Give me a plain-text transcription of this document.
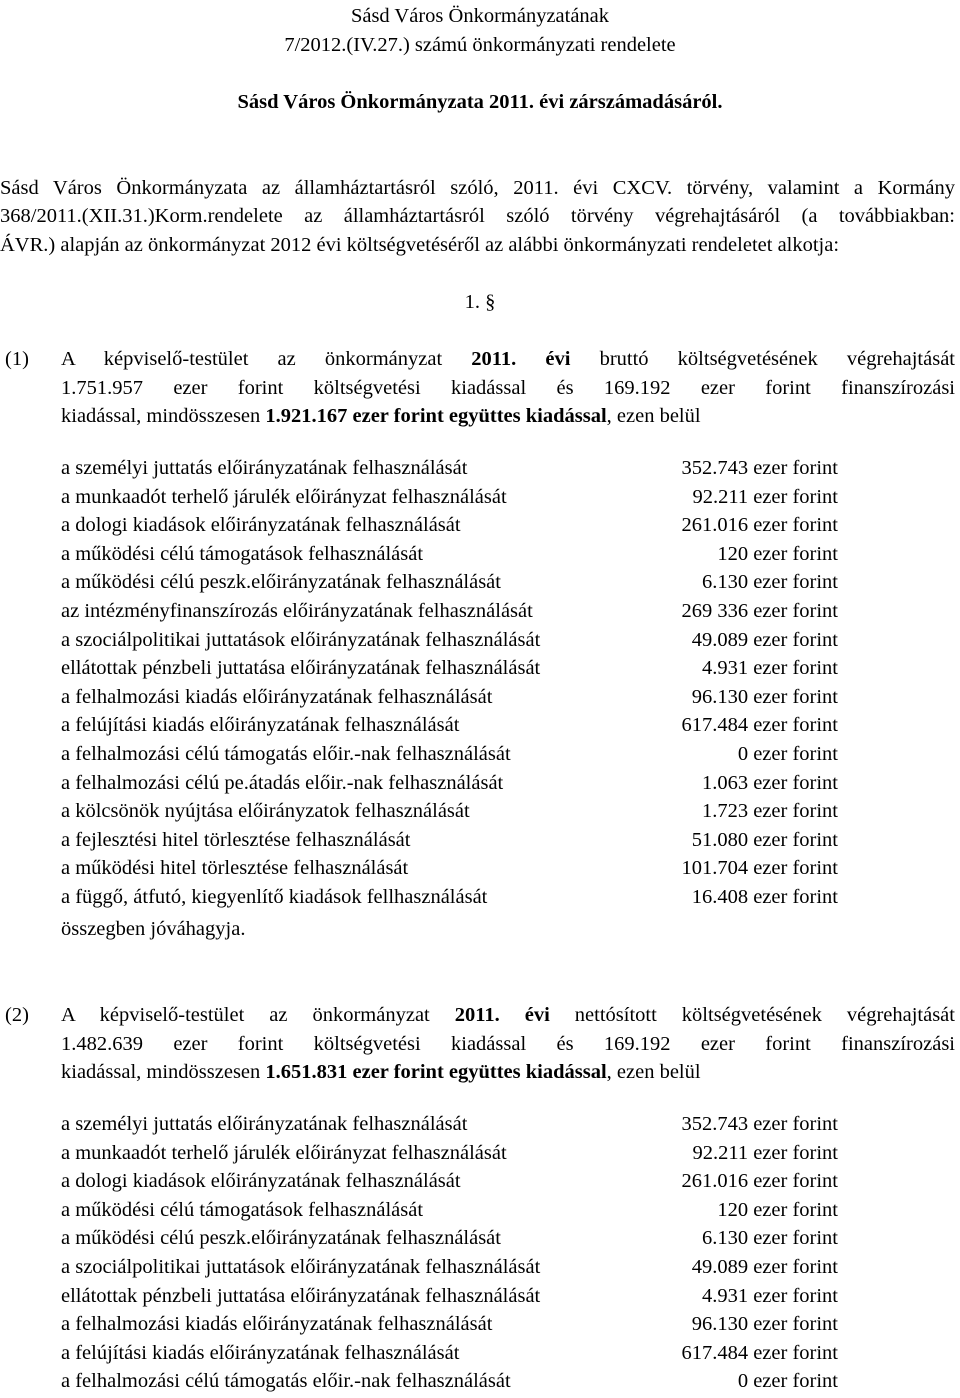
Sásd Város Önkormányzatának
7/2012.(IV.27.) számú önkormányzati rendelete
Sásd Város Önkormányzata 2011. évi zárszámadásáról.
Sásd Város Önkormányzata az államháztartásról szóló, 2011. évi CXCV. törvény, valamint a Kormány
368/2011.(XII.31.)Korm.rendelete az államháztartásról szóló törvény végrehajtásáról (a továbbiakban:
ÁVR.) alapján az önkormányzat 2012 évi költségvetéséről az alábbi önkormányzati rendeletet alkotja:
1. §
(1) A képviselő-testület az önkormányzat 2011. évi bruttó költségvetésének végrehajtását
1.751.957 ezer forint költségvetési kiadással és 169.192 ezer forint finanszírozási
kiadással, mindösszesen 1.921.167 ezer forint együttes kiadással, ezen belül
a személyi juttatás előirányzatának felhasználását	352.743 ezer forint
a munkaadót terhelő járulék előirányzat felhasználását	92.211 ezer forint
a dologi kiadások előirányzatának felhasználását	261.016 ezer forint
a működési célú támogatások felhasználását	120 ezer forint
a működési célú peszk.előirányzatának felhasználását	6.130 ezer forint
az intézményfinanszírozás előirányzatának felhasználását	269 336 ezer forint
a szociálpolitikai juttatások előirányzatának felhasználását	49.089 ezer forint
ellátottak pénzbeli juttatása előirányzatának felhasználását	4.931 ezer forint
a felhalmozási kiadás előirányzatának felhasználását	96.130 ezer forint
a felújítási kiadás előirányzatának felhasználását	617.484 ezer forint
a felhalmozási célú támogatás előir.-nak felhasználását	0 ezer forint
a felhalmozási célú pe.átadás előir.-nak felhasználását	1.063 ezer forint
a kölcsönök nyújtása előirányzatok felhasználását	1.723 ezer forint
a fejlesztési hitel törlesztése felhasználását	51.080 ezer forint
a működési hitel törlesztése felhasználását	101.704 ezer forint
a függő, átfutó, kiegyenlítő kiadások fellhasználását	16.408 ezer forint
összegben jóváhagyja.
(2) A képviselő-testület az önkormányzat 2011. évi nettósított költségvetésének végrehajtását
1.482.639 ezer forint költségvetési kiadással és 169.192 ezer forint finanszírozási
kiadással, mindösszesen 1.651.831 ezer forint együttes kiadással, ezen belül
a személyi juttatás előirányzatának felhasználását	352.743 ezer forint
a munkaadót terhelő járulék előirányzat felhasználását	92.211 ezer forint
a dologi kiadások előirányzatának felhasználását	261.016 ezer forint
a működési célú támogatások felhasználását	120 ezer forint
a működési célú peszk.előirányzatának felhasználását	6.130 ezer forint
a szociálpolitikai juttatások előirányzatának felhasználását	49.089 ezer forint
ellátottak pénzbeli juttatása előirányzatának felhasználását	4.931 ezer forint
a felhalmozási kiadás előirányzatának felhasználását	96.130 ezer forint
a felújítási kiadás előirányzatának felhasználását	617.484 ezer forint
a felhalmozási célú támogatás előir.-nak felhasználását	0 ezer forint
